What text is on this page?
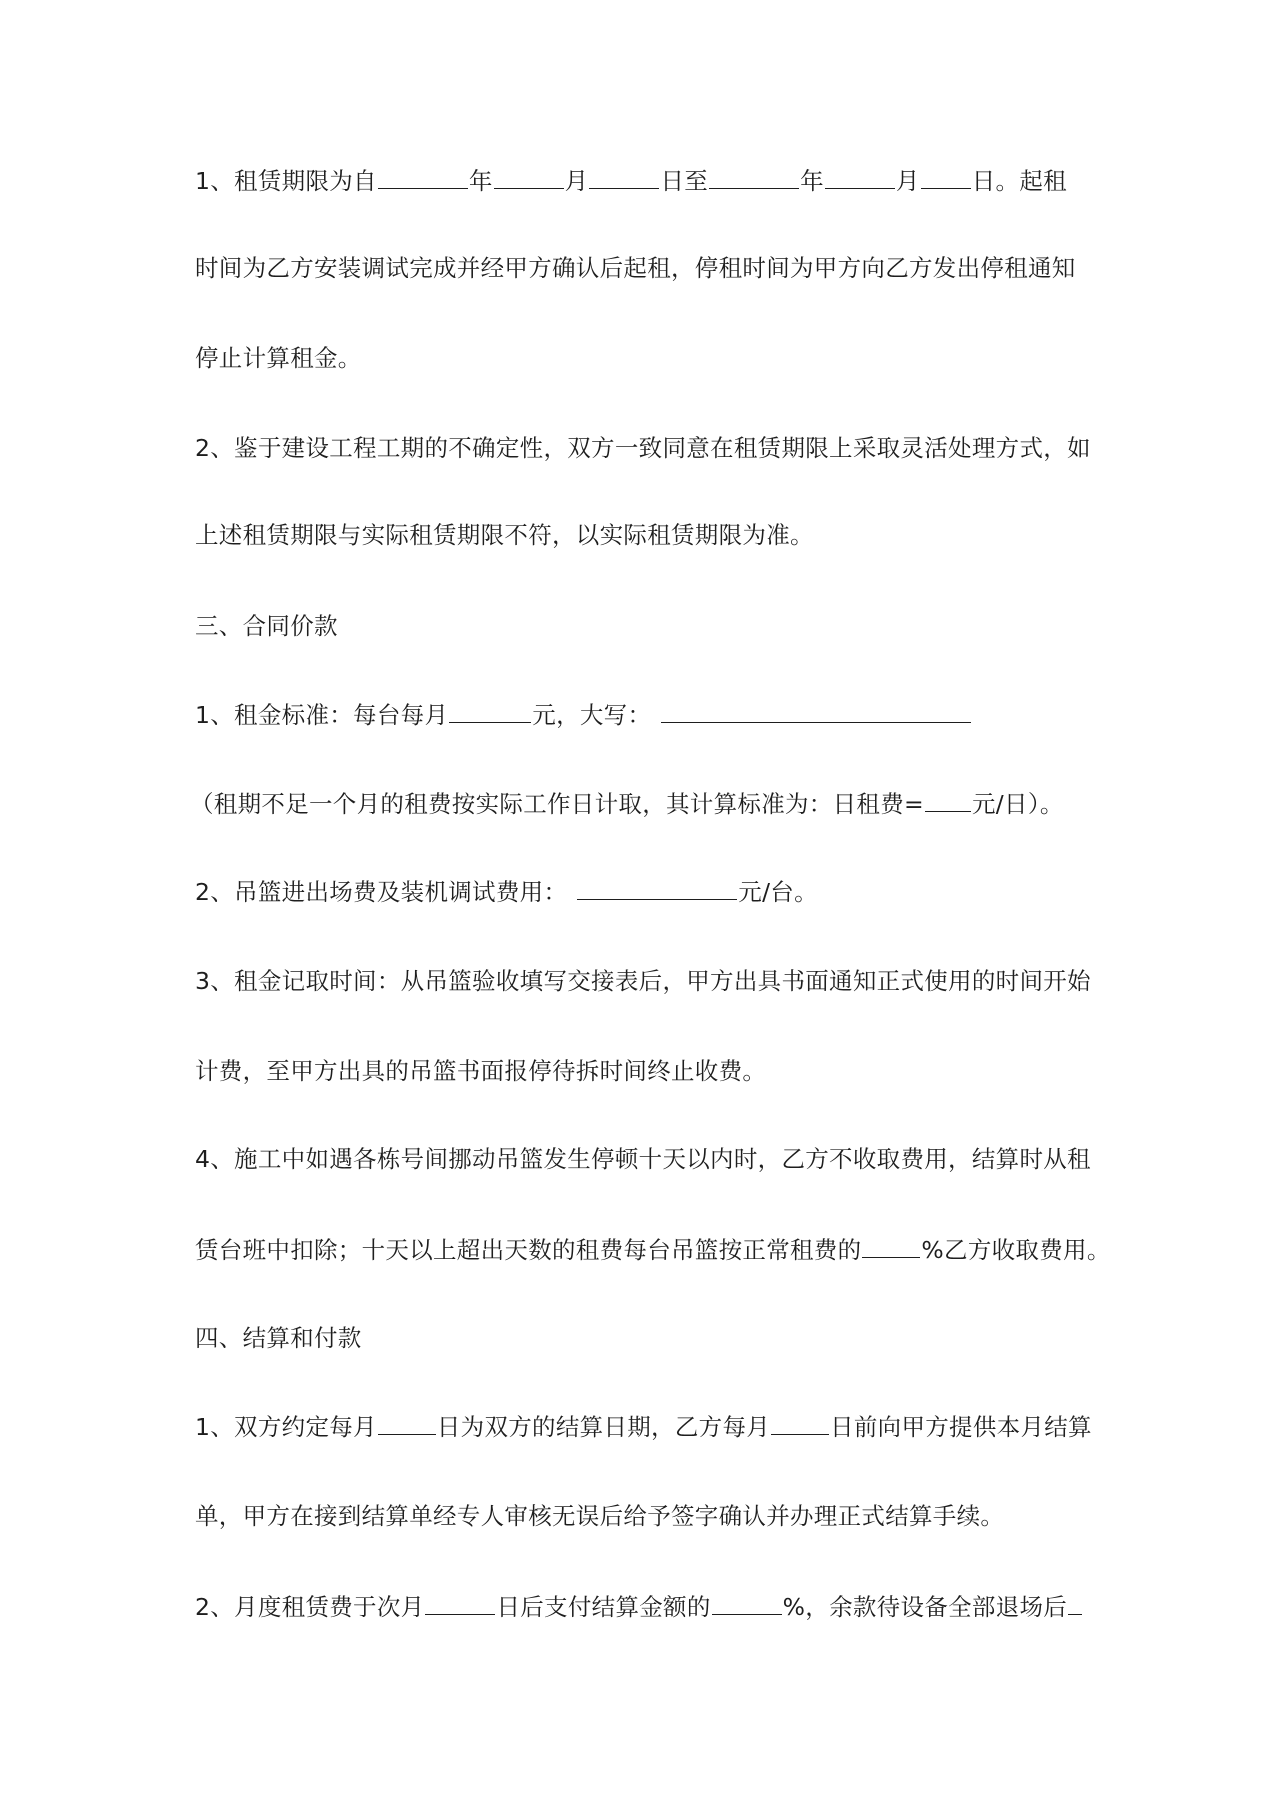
1、租赁期限为自	年	月	日至	年	月 日。起租
时间为乙方安装调试完成并经甲方确认后起租，停租时间为甲方向乙方发出停租通知
停止计算租金。
2、鉴于建设工程工期的不确定性，双方一致同意在租赁期限上采取灵活处理方式，如
上述租赁期限与实际租赁期限不符，以实际租赁期限为准。
三、合同价款
1、租金标准：每台每月	元，大写：
（租期不足一个月的租费按实际工作日计取，其计算标准为：日租费= 元/日）。
2、吊篮进出场费及装机调试费用：	元/台。
3、租金记取时间：从吊篮验收填写交接表后，甲方出具书面通知正式使用的时间开始
计费，至甲方出具的吊篮书面报停待拆时间终止收费。
4、施工中如遇各栋号间挪动吊篮发生停顿十天以内时，乙方不收取费用，结算时从租
赁台班中扣除；十天以上超出天数的租费每台吊篮按正常租费的	%乙方收取费用。
四、结算和付款
1、双方约定每月	日为双方的结算日期，乙方每月	日前向甲方提供本月结算
单，甲方在接到结算单经专人审核无误后给予签字确认并办理正式结算手续。
2、月度租赁费于次月	日后支付结算金额的	%，余款待设备全部退场后
